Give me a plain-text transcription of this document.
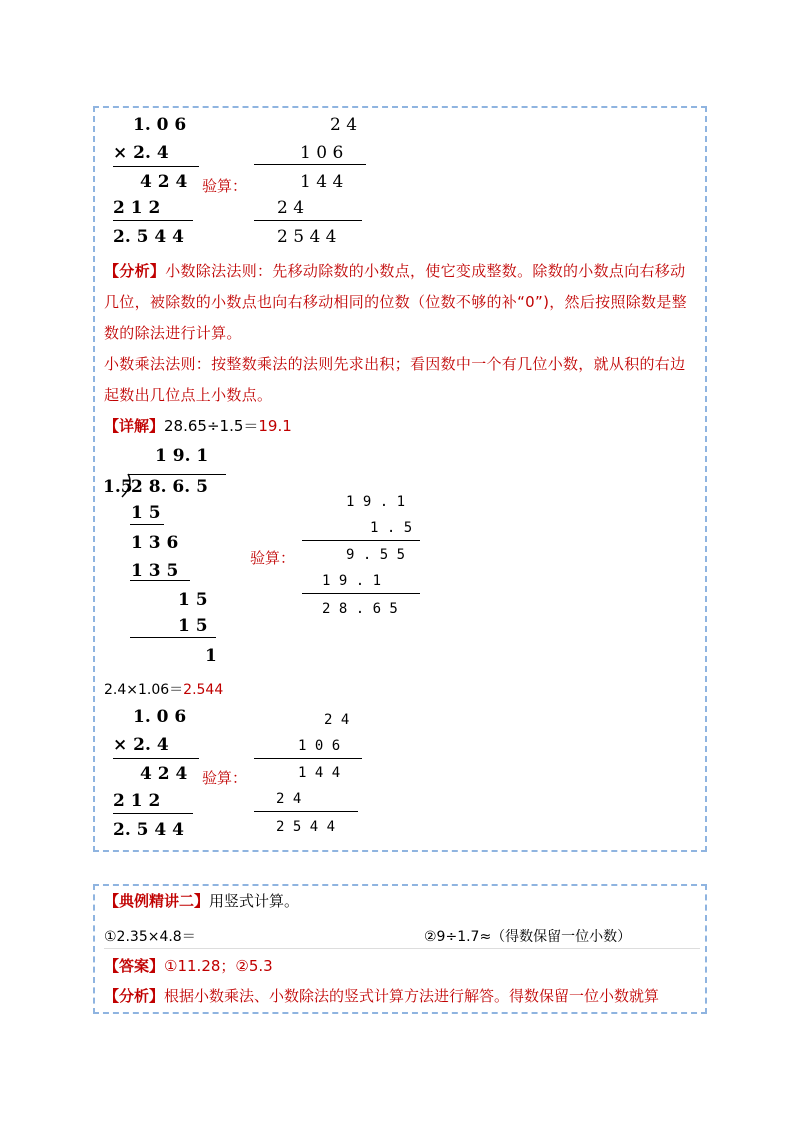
1. 0 6
× 2. 4
4 2 4
2 1 2
2. 5 4 4
验算：
2 4
1 0 6
1 4 4
2 4
2 5 4 4
【分析】小数除法法则：先移动除数的小数点，使它变成整数。除数的小数点向右移动几位，被除数的小数点也向右移动相同的位数（位数不够的补“0”)，然后按照除数是整数的除法进行计算。
小数乘法法则：按整数乘法的法则先求出积；看因数中一个有几位小数，就从积的右边起数出几位点上小数点。
【详解】28.65÷1.5＝19.1
1 9. 1
1.5
2 8. 6. 5
1 5
1 3 6
1 3 5
1 5
1 5
1
验算：
1 9 . 1
1 . 5
9 . 5 5
1 9 . 1
2 8 . 6 5
2.4×1.06＝2.544
1. 0 6
× 2. 4
4 2 4
2 1 2
2. 5 4 4
验算：
2 4
1 0 6
1 4 4
2 4
2 5 4 4
【典例精讲二】用竖式计算。
①2.35×4.8＝	②9÷1.7≈（得数保留一位小数）
【答案】①11.28；②5.3
【分析】根据小数乘法、小数除法的竖式计算方法进行解答。得数保留一位小数就算
